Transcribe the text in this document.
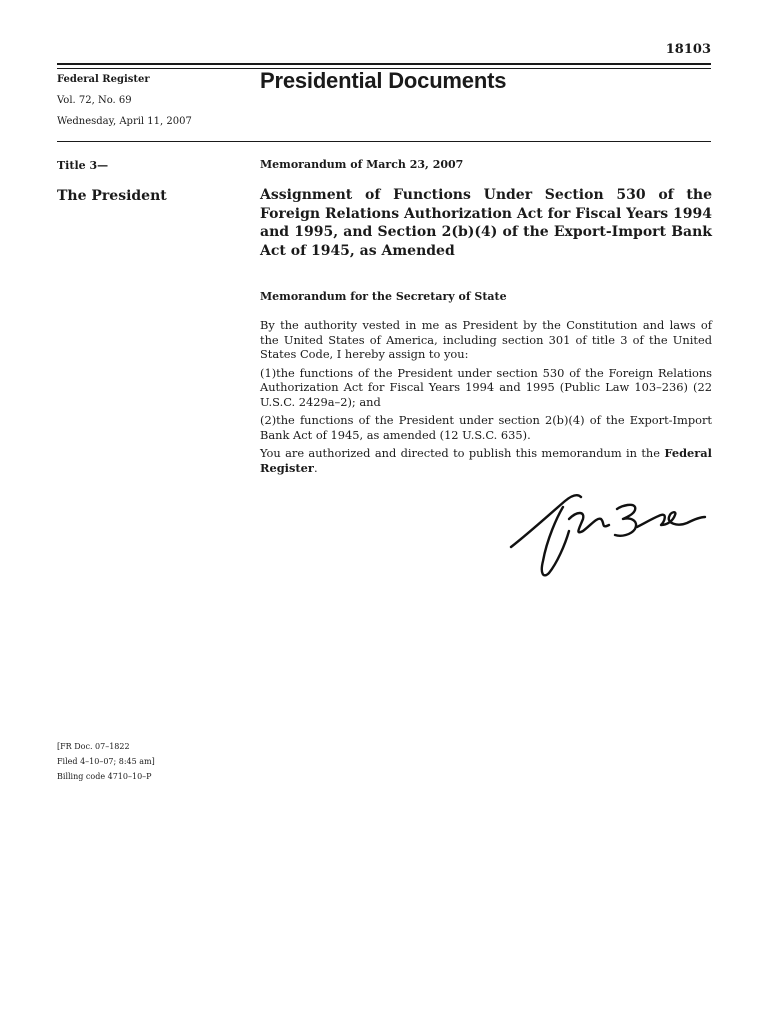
18103
Federal Register
Vol. 72, No. 69
Wednesday, April 11, 2007
Presidential Documents
Title 3—
The President
Memorandum of March 23, 2007
Assignment of Functions Under Section 530 of the Foreign Relations Authorization Act for Fiscal Years 1994 and 1995, and Section 2(b)(4) of the Export-Import Bank Act of 1945, as Amended
Memorandum for the Secretary of State

By the authority vested in me as President by the Constitution and laws of the United States of America, including section 301 of title 3 of the United States Code, I hereby assign to you:

(1)the functions of the President under section 530 of the Foreign Relations Authorization Act for Fiscal Years 1994 and 1995 (Public Law 103–236) (22 U.S.C. 2429a–2); and

(2)the functions of the President under section 2(b)(4) of the Export-Import Bank Act of 1945, as amended (12 U.S.C. 635).

You are authorized and directed to publish this memorandum in the Federal Register.

[FR Doc. 07–1822
Filed 4–10–07; 8:45 am]
Billing code 4710–10–P
